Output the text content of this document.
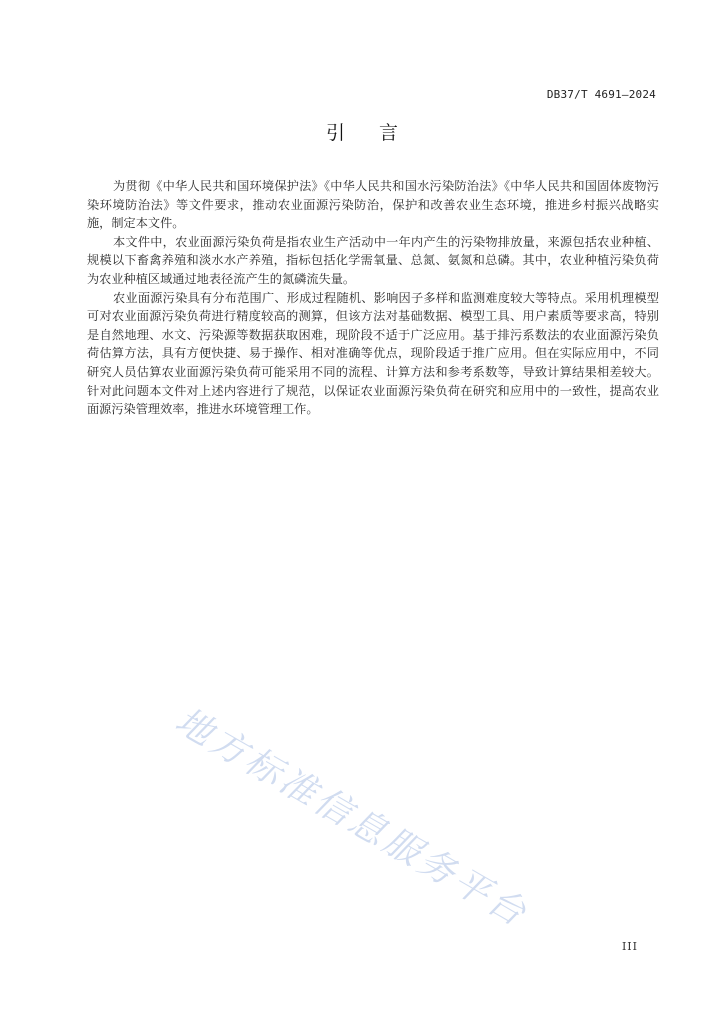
DB37/T 4691—2024
引言

为贯彻《中华人民共和国环境保护法》《中华人民共和国水污染防治法》《中华人民共和国固体废物污染环境防治法》等文件要求，推动农业面源污染防治，保护和改善农业生态环境，推进乡村振兴战略实施，制定本文件。

本文件中，农业面源污染负荷是指农业生产活动中一年内产生的污染物排放量，来源包括农业种植、规模以下畜禽养殖和淡水水产养殖，指标包括化学需氧量、总氮、氨氮和总磷。其中，农业种植污染负荷为农业种植区域通过地表径流产生的氮磷流失量。

农业面源污染具有分布范围广、形成过程随机、影响因子多样和监测难度较大等特点。采用机理模型可对农业面源污染负荷进行精度较高的测算，但该方法对基础数据、模型工具、用户素质等要求高，特别是自然地理、水文、污染源等数据获取困难，现阶段不适于广泛应用。基于排污系数法的农业面源污染负荷估算方法，具有方便快捷、易于操作、相对准确等优点，现阶段适于推广应用。但在实际应用中，不同研究人员估算农业面源污染负荷可能采用不同的流程、计算方法和参考系数等，导致计算结果相差较大。针对此问题本文件对上述内容进行了规范，以保证农业面源污染负荷在研究和应用中的一致性，提高农业面源污染管理效率，推进水环境管理工作。

地方标准信息服务平台
III
